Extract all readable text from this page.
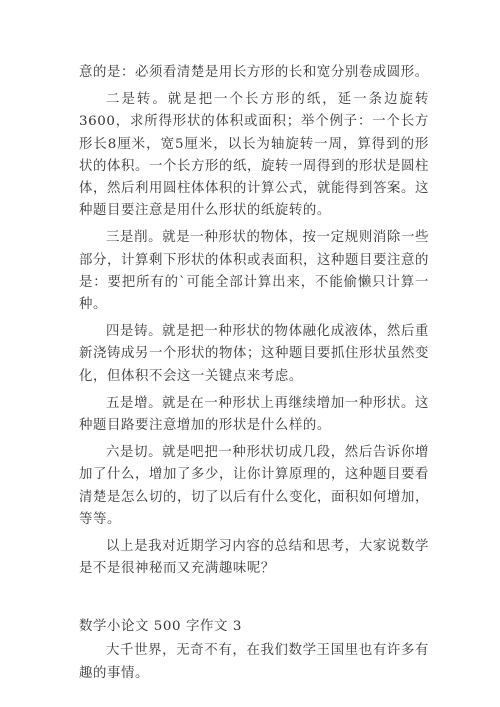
意的是：必须看清楚是用长方形的长和宽分别卷成圆形。

二是转。就是把一个长方形的纸，延一条边旋转3600，求所得形状的体积或面积；举个例子：一个长方形长8厘米，宽5厘米，以长为轴旋转一周，算得到的形状的体积。一个长方形的纸，旋转一周得到的形状是圆柱体，然后利用圆柱体体积的计算公式，就能得到答案。这种题目要注意是用什么形状的纸旋转的。

三是削。就是一种形状的物体，按一定规则消除一些部分，计算剩下形状的体积或表面积，这种题目要注意的是：要把所有的`可能全部计算出来，不能偷懒只计算一种。

四是铸。就是把一种形状的物体融化成液体，然后重新浇铸成另一个形状的物体；这种题目要抓住形状虽然变化，但体积不会这一关键点来考虑。

五是增。就是在一种形状上再继续增加一种形状。这种题目路要注意增加的形状是什么样的。

六是切。就是吧把一种形状切成几段，然后告诉你增加了什么，增加了多少，让你计算原理的，这种题目要看清楚是怎么切的，切了以后有什么变化，面积如何增加，等等。

以上是我对近期学习内容的总结和思考，大家说数学是不是很神秘而又充满趣味呢？

数学小论文 500 字作文 3

大千世界，无奇不有，在我们数学王国里也有许多有趣的事情。
